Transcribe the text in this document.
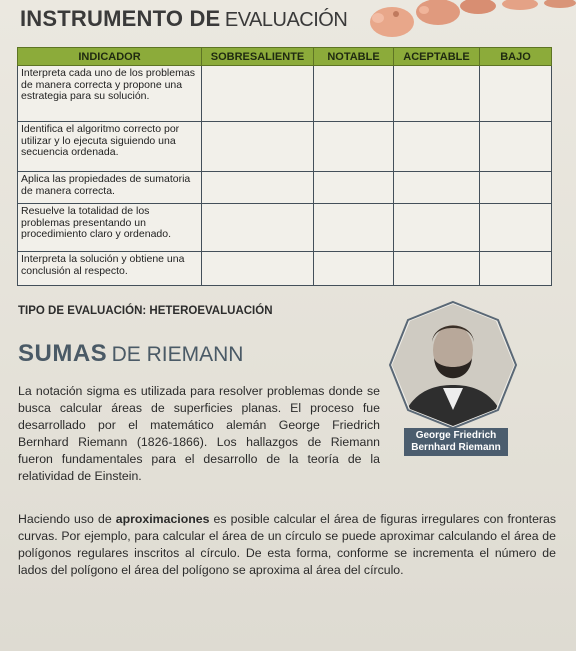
INSTRUMENTO DE EVALUACIÓN
INDICADOR	SOBRESALIENTE	NOTABLE	ACEPTABLE	BAJO
Interpreta cada uno de los problemas de manera correcta y propone una estrategia para su solución.				
Identifica el algoritmo correcto por utilizar y lo ejecuta siguiendo una secuencia ordenada.				
Aplica las propiedades de sumatoria de manera correcta.				
Resuelve la totalidad de los problemas presentando un procedimiento claro y ordenado.				
Interpreta la solución y obtiene una conclusión al respecto.				
TIPO DE EVALUACIÓN: HETEROEVALUACIÓN
SUMAS DE RIEMANN
La notación sigma es utilizada para resolver problemas donde se busca calcular áreas de superficies planas. El proceso fue desarrollado por el matemático alemán George Friedrich Bernhard Riemann (1826-1866). Los hallazgos de Riemann fueron fundamentales para el desarrollo de la teoría de la relatividad de Einstein.
George Friedrich
Bernhard Riemann
Haciendo uso de aproximaciones es posible calcular el área de figuras irregulares con fronteras curvas. Por ejemplo, para calcular el área de un círculo se puede aproximar calculando el área de polígonos regulares inscritos al círculo. De esta forma, conforme se incrementa el número de lados del polígono el área del polígono se aproxima al área del círculo.
